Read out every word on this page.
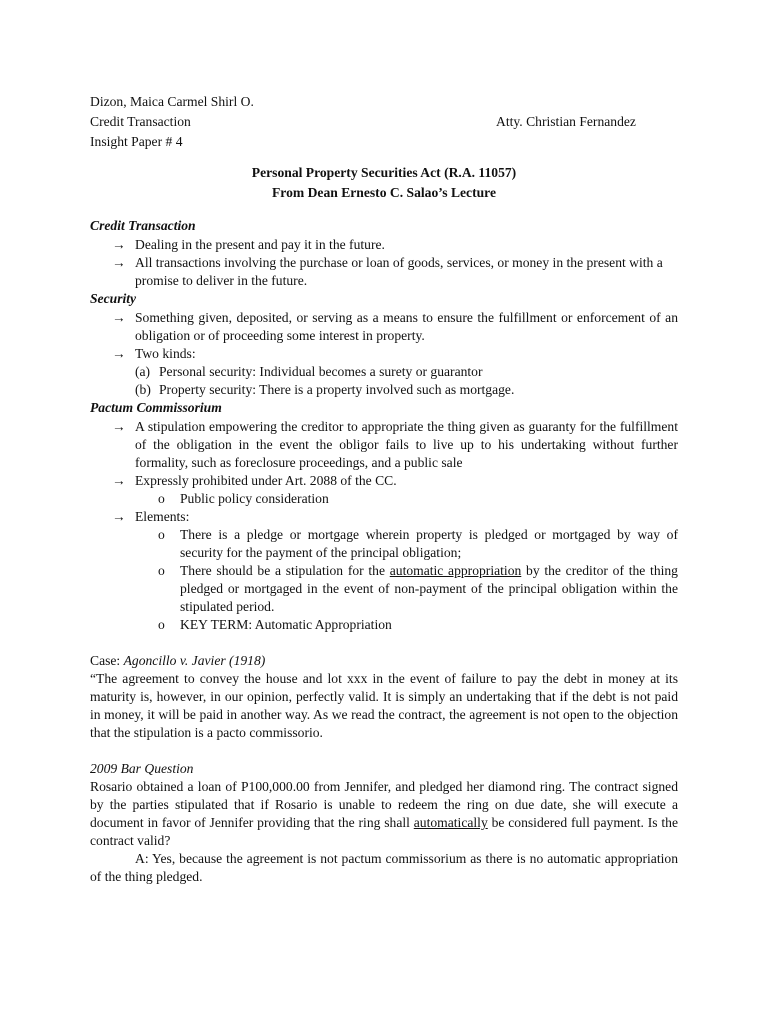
Dizon, Maica Carmel Shirl O.
Credit Transaction	Atty. Christian Fernandez
Insight Paper # 4
Personal Property Securities Act (R.A. 11057)
From Dean Ernesto C. Salao’s Lecture
Credit Transaction
→ Dealing in the present and pay it in the future.
→ All transactions involving the purchase or loan of goods, services, or money in the present with a promise to deliver in the future.
Security
→ Something given, deposited, or serving as a means to ensure the fulfillment or enforcement of an obligation or of proceeding some interest in property.
→ Two kinds:
(a) Personal security: Individual becomes a surety or guarantor
(b) Property security: There is a property involved such as mortgage.
Pactum Commissorium
→ A stipulation empowering the creditor to appropriate the thing given as guaranty for the fulfillment of the obligation in the event the obligor fails to live up to his undertaking without further formality, such as foreclosure proceedings, and a public sale
→ Expressly prohibited under Art. 2088 of the CC.
o Public policy consideration
→ Elements:
o There is a pledge or mortgage wherein property is pledged or mortgaged by way of security for the payment of the principal obligation;
o There should be a stipulation for the automatic appropriation by the creditor of the thing pledged or mortgaged in the event of non-payment of the principal obligation within the stipulated period.
o KEY TERM: Automatic Appropriation
Case: Agoncillo v. Javier (1918)
“The agreement to convey the house and lot xxx in the event of failure to pay the debt in money at its maturity is, however, in our opinion, perfectly valid. It is simply an undertaking that if the debt is not paid in money, it will be paid in another way. As we read the contract, the agreement is not open to the objection that the stipulation is a pacto commissorio.
2009 Bar Question
Rosario obtained a loan of P100,000.00 from Jennifer, and pledged her diamond ring. The contract signed by the parties stipulated that if Rosario is unable to redeem the ring on due date, she will execute a document in favor of Jennifer providing that the ring shall automatically be considered full payment. Is the contract valid?
A: Yes, because the agreement is not pactum commissorium as there is no automatic appropriation of the thing pledged.
